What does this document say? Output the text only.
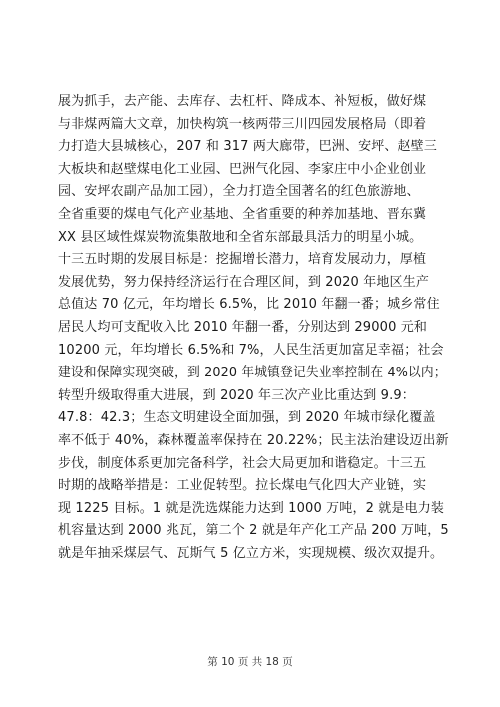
展为抓手，去产能、去库存、去杠杆、降成本、补短板，做好煤
与非煤两篇大文章，加快构筑一核两带三川四园发展格局（即着
力打造大县城核心，207 和 317 两大廊带，巴洲、安坪、赵壁三
大板块和赵壁煤电化工业园、巴洲气化园、李家庄中小企业创业
园、安坪农副产品加工园），全力打造全国著名的红色旅游地、
全省重要的煤电气化产业基地、全省重要的种养加基地、晋东冀
XX 县区域性煤炭物流集散地和全省东部最具活力的明星小城。
十三五时期的发展目标是：挖掘增长潜力，培育发展动力，厚植
发展优势，努力保持经济运行在合理区间，到 2020 年地区生产
总值达 70 亿元，年均增长 6.5%，比 2010 年翻一番；城乡常住
居民人均可支配收入比 2010 年翻一番，分别达到 29000 元和
10200 元，年均增长 6.5%和 7%，人民生活更加富足幸福；社会
建设和保障实现突破，到 2020 年城镇登记失业率控制在 4%以内；
转型升级取得重大进展，到 2020 年三次产业比重达到 9.9：
47.8：42.3；生态文明建设全面加强，到 2020 年城市绿化覆盖
率不低于 40%，森林覆盖率保持在 20.22%；民主法治建设迈出新
步伐，制度体系更加完备科学，社会大局更加和谐稳定。十三五
时期的战略举措是：工业促转型。拉长煤电气化四大产业链，实
现 1225 目标。1 就是洗选煤能力达到 1000 万吨，2 就是电力装
机容量达到 2000 兆瓦，第二个 2 就是年产化工产品 200 万吨，5
就是年抽采煤层气、瓦斯气 5 亿立方米，实现规模、级次双提升。
第 10 页 共 18 页
